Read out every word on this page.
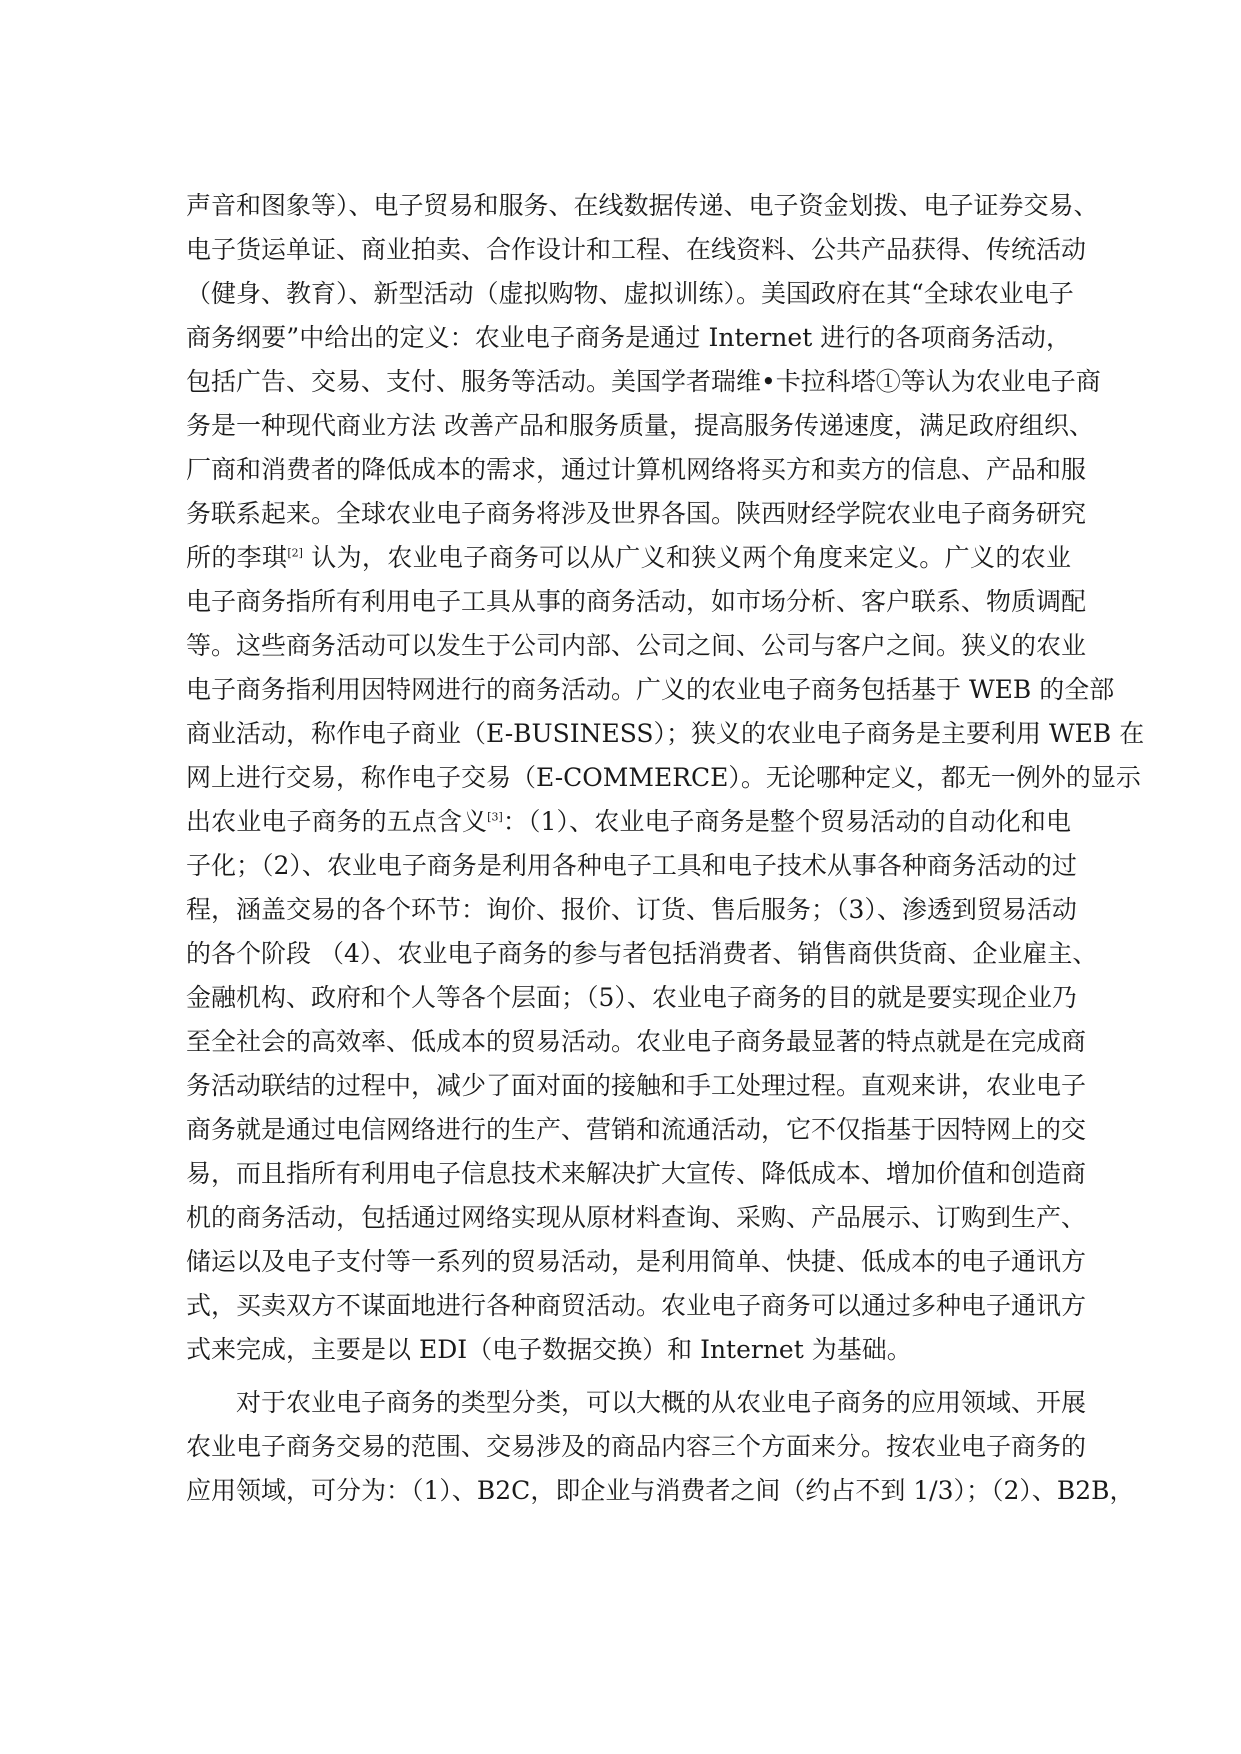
声音和图象等）、电子贸易和服务、在线数据传递、电子资金划拨、电子证券交易、
电子货运单证、商业拍卖、合作设计和工程、在线资料、公共产品获得、传统活动
（健身、教育）、新型活动（虚拟购物、虚拟训练）。美国政府在其“全球农业电子
商务纲要”中给出的定义：农业电子商务是通过 Internet 进行的各项商务活动，
包括广告、交易、支付、服务等活动。美国学者瑞维•卡拉科塔①等认为农业电子商
务是一种现代商业方法 改善产品和服务质量，提高服务传递速度，满足政府组织、
厂商和消费者的降低成本的需求，通过计算机网络将买方和卖方的信息、产品和服
务联系起来。全球农业电子商务将涉及世界各国。陕西财经学院农业电子商务研究
所的李琪[2] 认为，农业电子商务可以从广义和狭义两个角度来定义。广义的农业
电子商务指所有利用电子工具从事的商务活动，如市场分析、客户联系、物质调配
等。这些商务活动可以发生于公司内部、公司之间、公司与客户之间。狭义的农业
电子商务指利用因特网进行的商务活动。广义的农业电子商务包括基于 WEB 的全部
商业活动，称作电子商业（E-BUSINESS）；狭义的农业电子商务是主要利用 WEB 在
网上进行交易，称作电子交易（E-COMMERCE）。无论哪种定义，都无一例外的显示
出农业电子商务的五点含义[3]：（1）、农业电子商务是整个贸易活动的自动化和电
子化；（2）、农业电子商务是利用各种电子工具和电子技术从事各种商务活动的过
程，涵盖交易的各个环节：询价、报价、订货、售后服务；（3）、渗透到贸易活动
的各个阶段 （4）、农业电子商务的参与者包括消费者、销售商供货商、企业雇主、
金融机构、政府和个人等各个层面；（5）、农业电子商务的目的就是要实现企业乃
至全社会的高效率、低成本的贸易活动。农业电子商务最显著的特点就是在完成商
务活动联结的过程中，减少了面对面的接触和手工处理过程。直观来讲，农业电子
商务就是通过电信网络进行的生产、营销和流通活动，它不仅指基于因特网上的交
易，而且指所有利用电子信息技术来解决扩大宣传、降低成本、增加价值和创造商
机的商务活动，包括通过网络实现从原材料查询、采购、产品展示、订购到生产、
储运以及电子支付等一系列的贸易活动，是利用简单、快捷、低成本的电子通讯方
式，买卖双方不谋面地进行各种商贸活动。农业电子商务可以通过多种电子通讯方
式来完成，主要是以 EDI（电子数据交换）和 Internet 为基础。
　　对于农业电子商务的类型分类，可以大概的从农业电子商务的应用领域、开展
农业电子商务交易的范围、交易涉及的商品内容三个方面来分。按农业电子商务的
应用领域，可分为：（1）、B2C，即企业与消费者之间（约占不到 1/3）；（2）、B2B，
